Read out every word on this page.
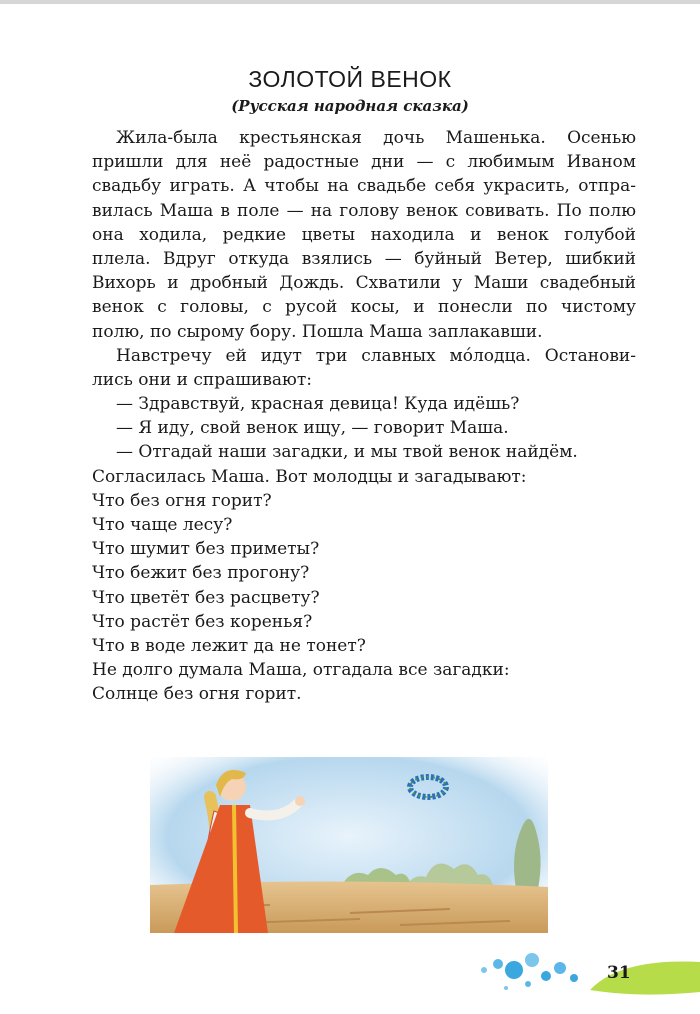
ЗОЛОТОЙ ВЕНОК
(Русская народная сказка)
Жила-была крестьянская дочь Машенька. Осенью
пришли для неё радостные дни — с любимым Иваном
свадьбу играть. А чтобы на свадьбе себя украсить, отпра-
вилась Маша в поле — на голову венок совивать. По полю
она ходила, редкие цветы находила и венок голубой
плела. Вдруг откуда взялись — буйный Ветер, шибкий
Вихорь и дробный Дождь. Схватили у Маши свадебный
венок с головы, с русой косы, и понесли по чистому
полю, по сырому бору. Пошла Маша заплакавши.
Навстречу ей идут три славных мóлодца. Останови-
лись они и спрашивают:
— Здравствуй, красная девица! Куда идёшь?
— Я иду, свой венок ищу, — говорит Маша.
— Отгадай наши загадки, и мы твой венок найдём.
Согласилась Маша. Вот молодцы и загадывают:
Что без огня горит?
Что чаще лесу?
Что шумит без приметы?
Что бежит без прогону?
Что цветёт без расцвету?
Что растёт без коренья?
Что в воде лежит да не тонет?
Не долго думала Маша, отгадала все загадки:
Солнце без огня горит.
31
